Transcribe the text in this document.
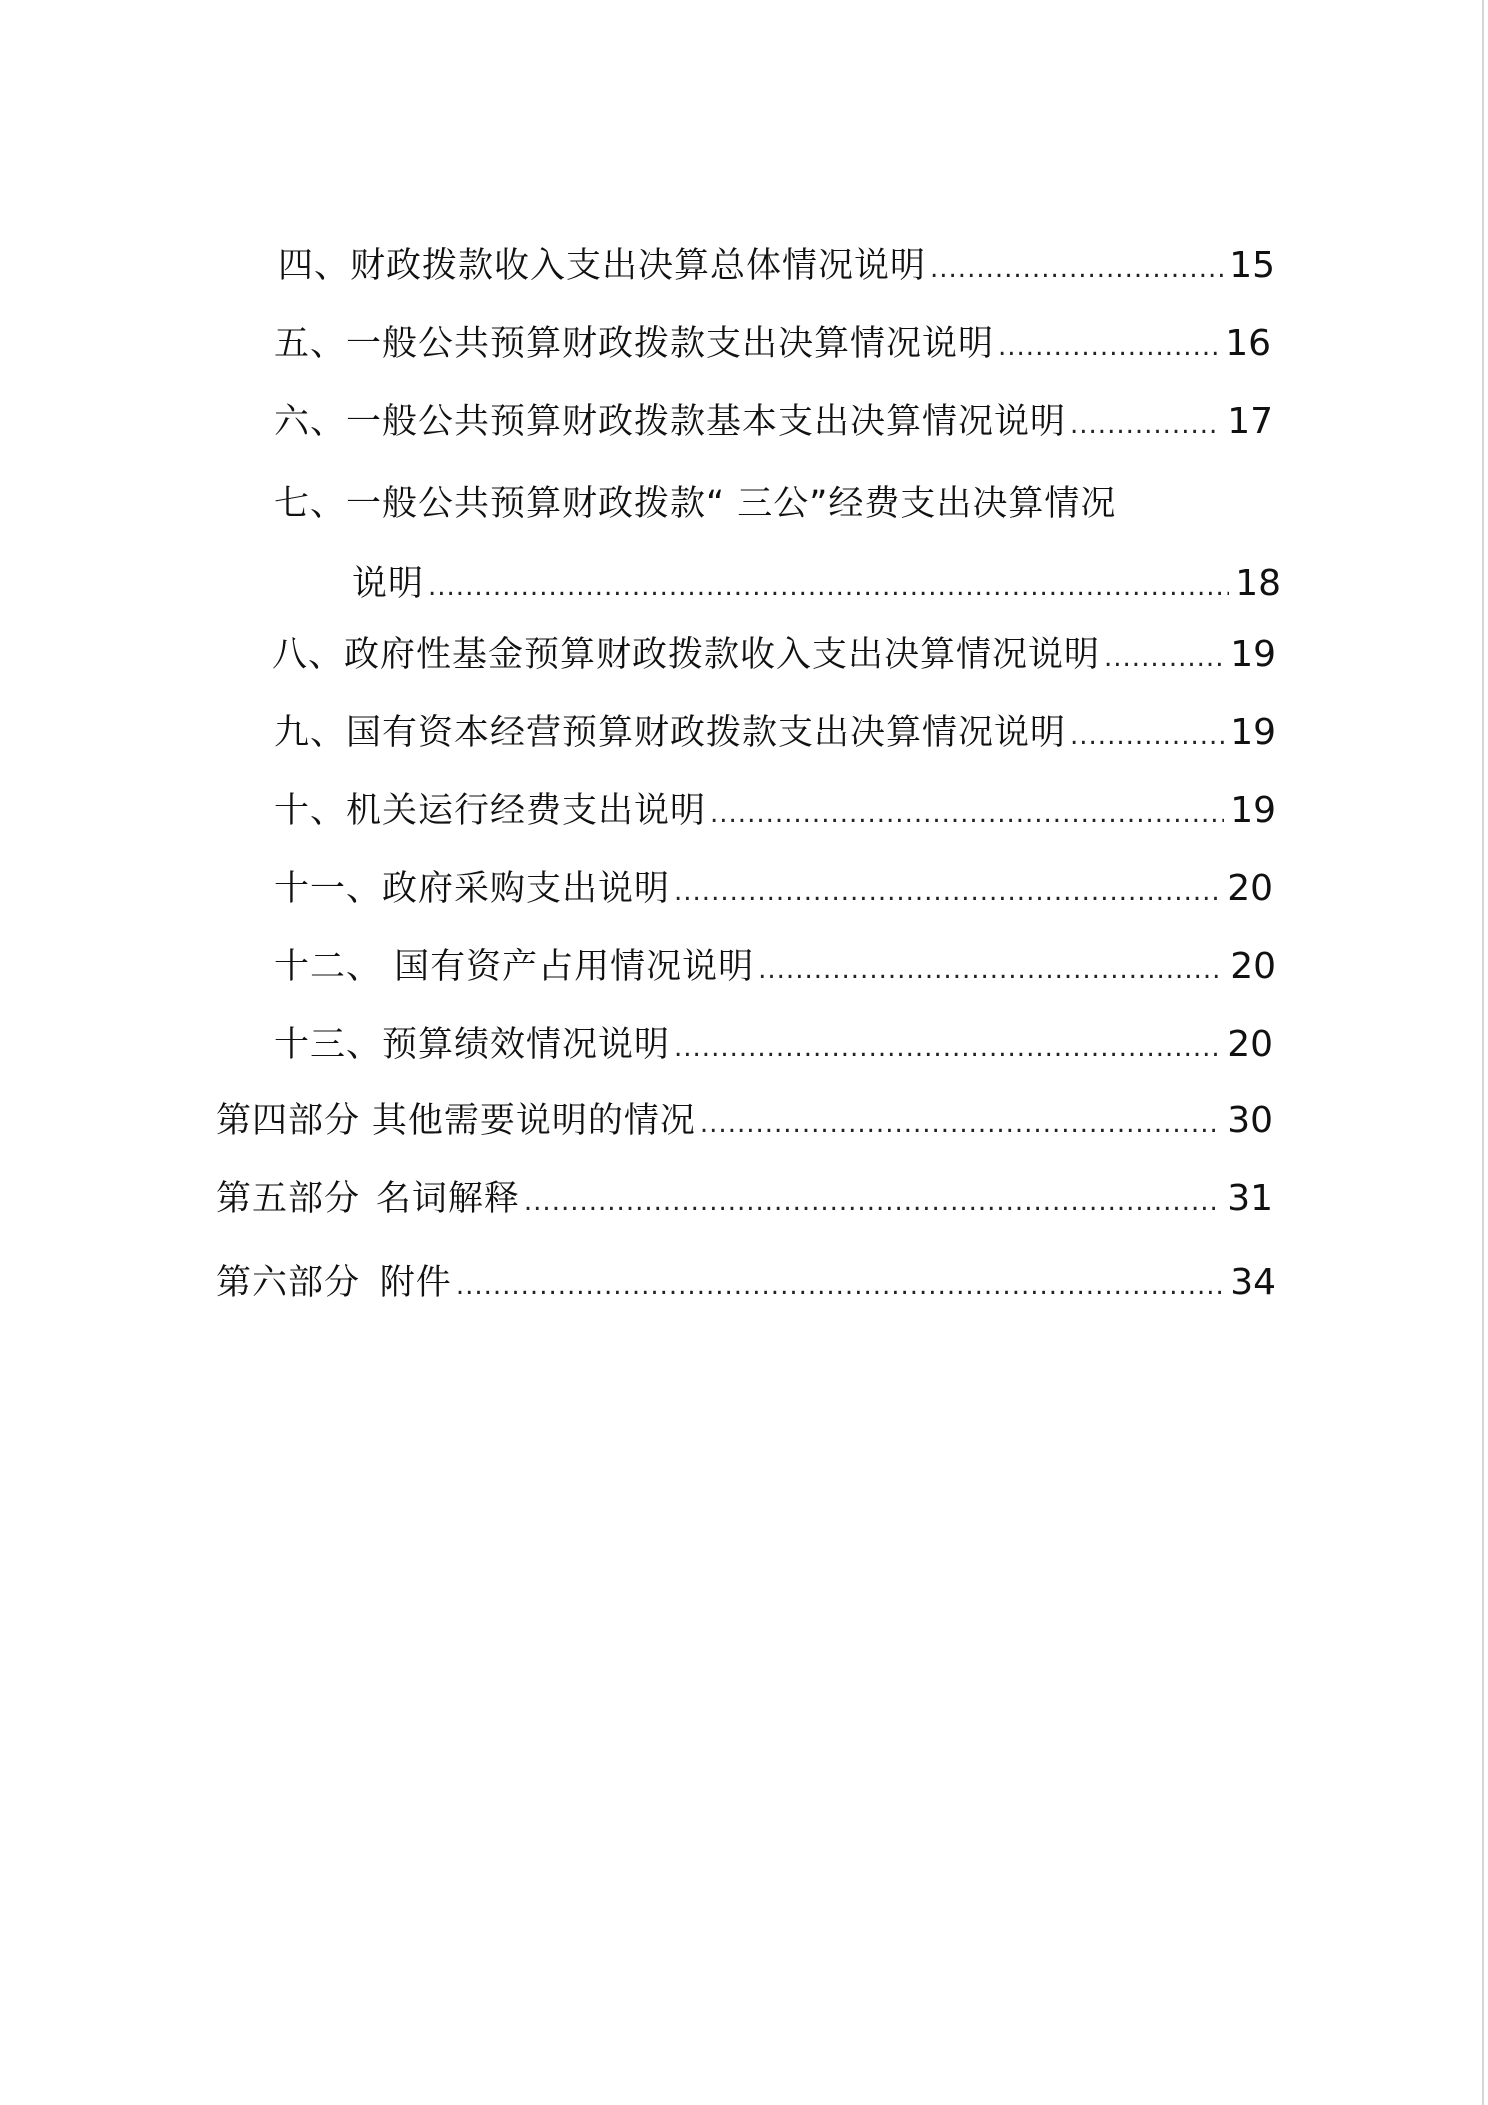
四、财政拨款收入支出决算总体情况说明 .....	15
五、一般公共预算财政拨款支出决算情况说明 .....	16
六、一般公共预算财政拨款基本支出决算情况说明 .....	17
七、一般公共预算财政拨款“ 三公”经费支出决算情况
说明 .....	18
八、政府性基金预算财政拨款收入支出决算情况说明 .....	19
九、国有资本经营预算财政拨款支出决算情况说明 .....	19
十、机关运行经费支出说明 .....	19
十一、政府采购支出说明 .....	20
十二、 国有资产占用情况说明 .....	20
十三、预算绩效情况说明 .....	20
第四部分 其他需要说明的情况 .....	30
第五部分 名词解释 .....	31
第六部分 附件 .....	34
